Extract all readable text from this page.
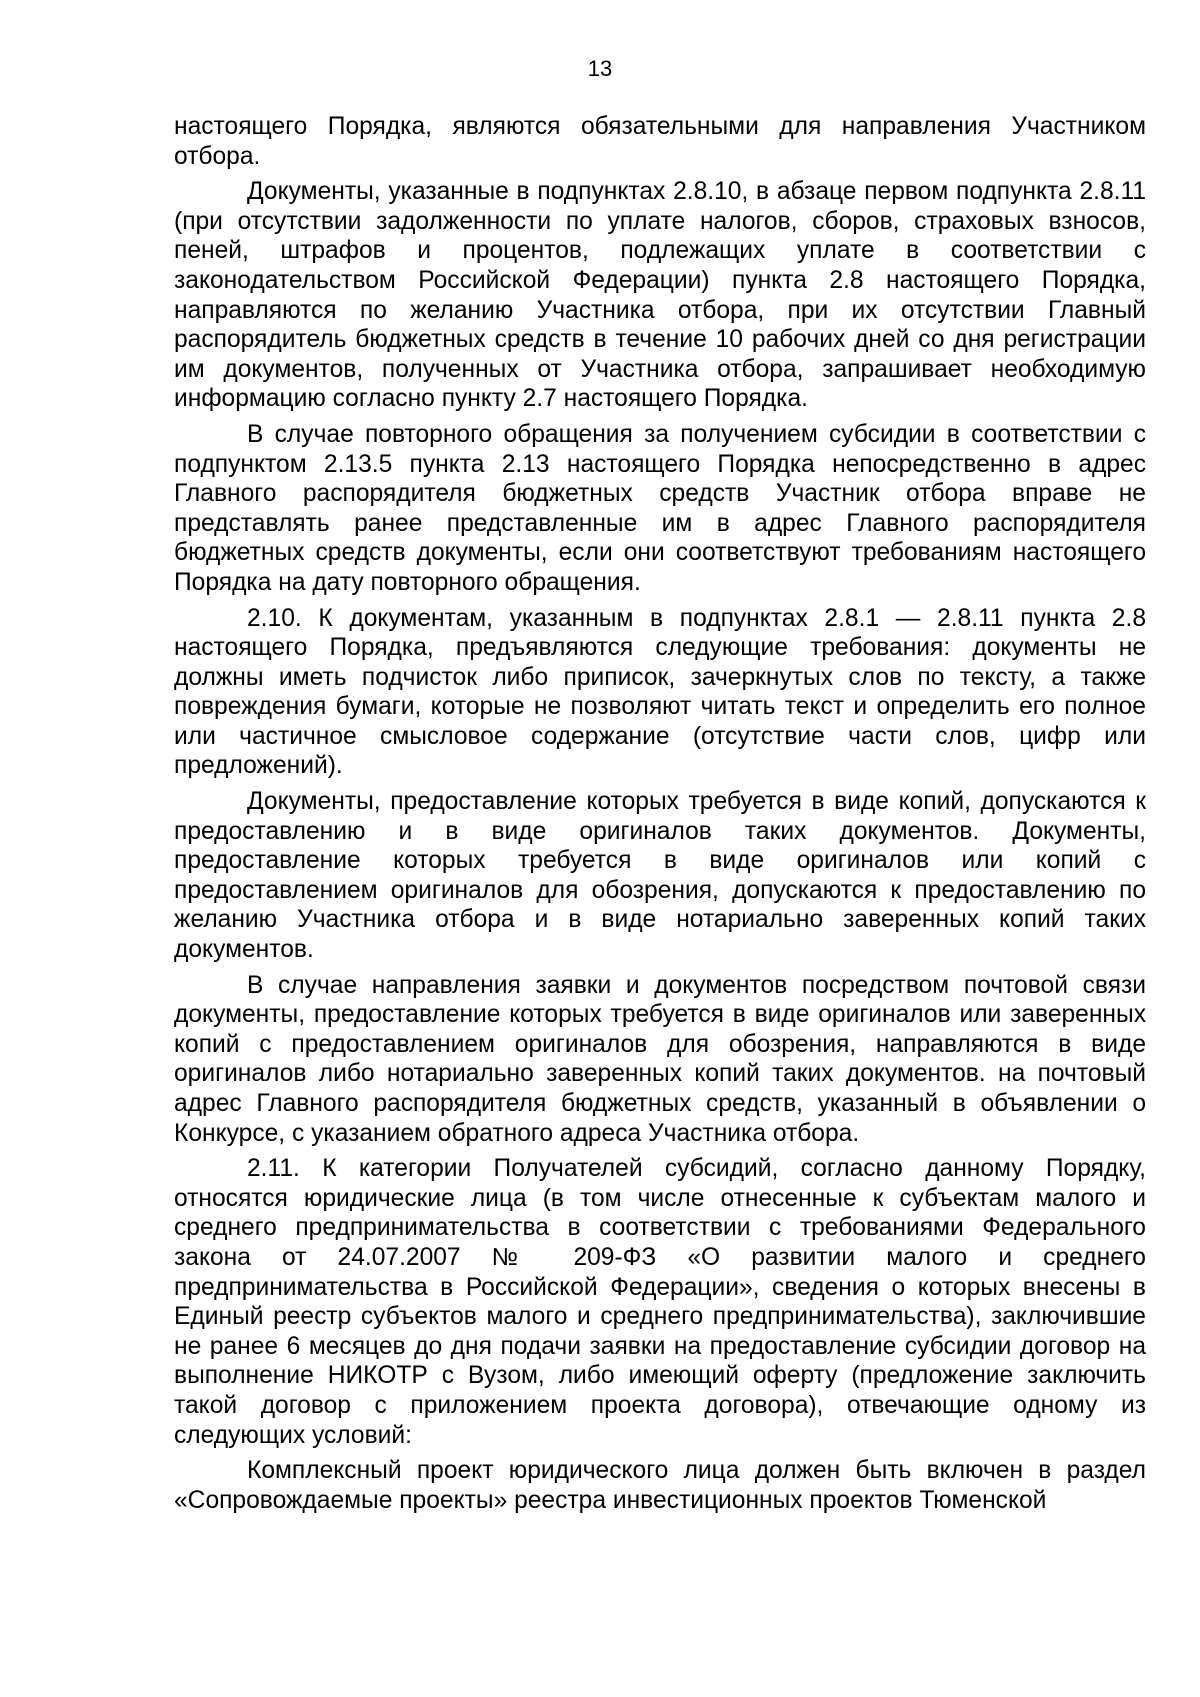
13

настоящего Порядка, являются обязательными для направления Участником отбора.

Документы, указанные в подпунктах 2.8.10, в абзаце первом подпункта 2.8.11 (при отсутствии задолженности по уплате налогов, сборов, страховых взносов, пеней, штрафов и процентов, подлежащих уплате в соответствии с законодательством Российской Федерации) пункта 2.8 настоящего Порядка, направляются по желанию Участника отбора, при их отсутствии Главный распорядитель бюджетных средств в течение 10 рабочих дней со дня регистрации им документов, полученных от Участника отбора, запрашивает необходимую информацию согласно пункту 2.7 настоящего Порядка.

В случае повторного обращения за получением субсидии в соответствии с подпунктом 2.13.5 пункта 2.13 настоящего Порядка непосредственно в адрес Главного распорядителя бюджетных средств Участник отбора вправе не представлять ранее представленные им в адрес Главного распорядителя бюджетных средств документы, если они соответствуют требованиям настоящего Порядка на дату повторного обращения.

2.10. К документам, указанным в подпунктах 2.8.1 — 2.8.11 пункта 2.8 настоящего Порядка, предъявляются следующие требования: документы не должны иметь подчисток либо приписок, зачеркнутых слов по тексту, а также повреждения бумаги, которые не позволяют читать текст и определить его полное или частичное смысловое содержание (отсутствие части слов, цифр или предложений).

Документы, предоставление которых требуется в виде копий, допускаются к предоставлению и в виде оригиналов таких документов. Документы, предоставление которых требуется в виде оригиналов или копий с предоставлением оригиналов для обозрения, допускаются к предоставлению по желанию Участника отбора и в виде нотариально заверенных копий таких документов.

В случае направления заявки и документов посредством почтовой связи документы, предоставление которых требуется в виде оригиналов или заверенных копий с предоставлением оригиналов для обозрения, направляются в виде оригиналов либо нотариально заверенных копий таких документов. на почтовый адрес Главного распорядителя бюджетных средств, указанный в объявлении о Конкурсе, с указанием обратного адреса Участника отбора.

2.11. К категории Получателей субсидий, согласно данному Порядку, относятся юридические лица (в том числе отнесенные к субъектам малого и среднего предпринимательства в соответствии с требованиями Федерального закона от 24.07.2007 № 209-ФЗ «О развитии малого и среднего предпринимательства в Российской Федерации», сведения о которых внесены в Единый реестр субъектов малого и среднего предпринимательства), заключившие не ранее 6 месяцев до дня подачи заявки на предоставление субсидии договор на выполнение НИКОТР с Вузом, либо имеющий оферту (предложение заключить такой договор с приложением проекта договора), отвечающие одному из следующих условий:

Комплексный проект юридического лица должен быть включен в раздел «Сопровождаемые проекты» реестра инвестиционных проектов Тюменской
